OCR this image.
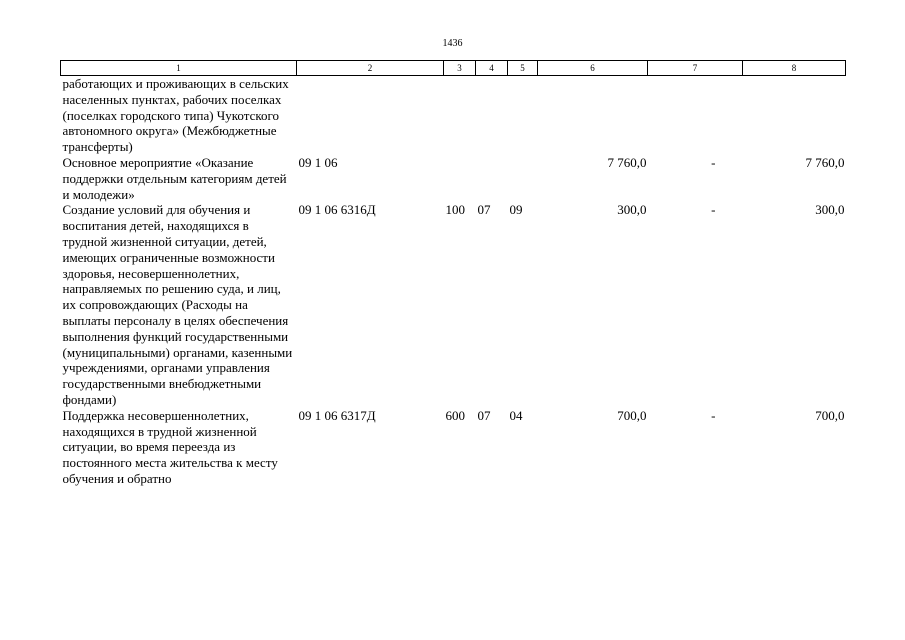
1436
1	2	3	4	5	6	7	8
работающих и проживающих в сельских населенных пунктах, рабочих поселках (поселках городского типа) Чукотского автономного округа» (Межбюджетные трансферты)							
Основное мероприятие «Оказание поддержки отдельным категориям детей и молодежи»	09 1 06				7 760,0	-	7 760,0
Создание условий для обучения и воспитания детей, находящихся в трудной жизненной ситуации, детей, имеющих ограниченные возможности здоровья, несовершеннолетних, направляемых по решению суда, и лиц, их сопровождающих (Расходы на выплаты персоналу в целях обеспечения выполнения функций государственными (муниципальными) органами, казенными учреждениями, органами управления государственными внебюджетными фондами)	09 1 06 6316Д	100	07	09	300,0	-	300,0
Поддержка несовершеннолетних, находящихся в трудной жизненной ситуации, во время переезда из постоянного места жительства к месту обучения и обратно	09 1 06 6317Д	600	07	04	700,0	-	700,0
